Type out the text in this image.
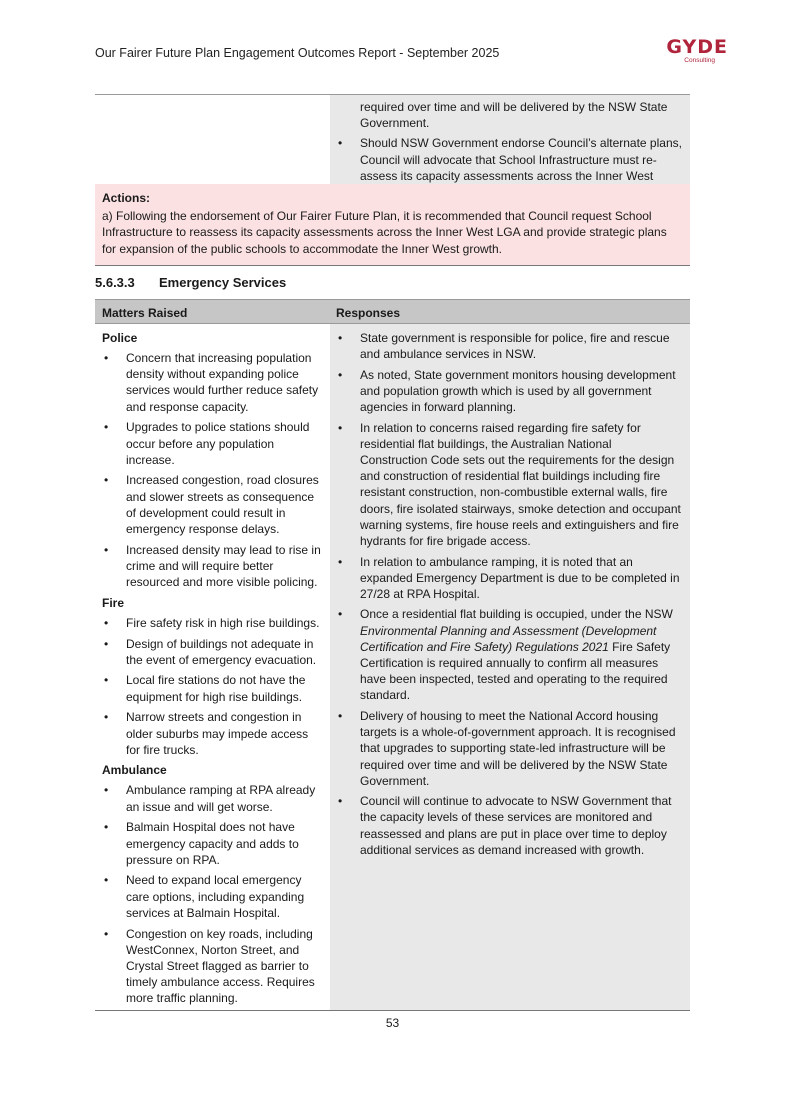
Our Fairer Future Plan Engagement Outcomes Report - September 2025	GYDE
Consulting
required over time and will be delivered by the NSW State Government.
• Should NSW Government endorse Council’s alternate plans, Council will advocate that School Infrastructure must re-assess its capacity assessments across the Inner West
Actions:
a) Following the endorsement of Our Fairer Future Plan, it is recommended that Council request School Infrastructure to reassess its capacity assessments across the Inner West LGA and provide strategic plans for expansion of the public schools to accommodate the Inner West growth.
5.6.3.3 Emergency Services
Matters Raised	Responses
Police
• Concern that increasing population density without expanding police services would further reduce safety and response capacity.
• Upgrades to police stations should occur before any population increase.
• Increased congestion, road closures and slower streets as consequence of development could result in emergency response delays.
• Increased density may lead to rise in crime and will require better resourced and more visible policing.
Fire
• Fire safety risk in high rise buildings.
• Design of buildings not adequate in the event of emergency evacuation.
• Local fire stations do not have the equipment for high rise buildings.
• Narrow streets and congestion in older suburbs may impede access for fire trucks.
Ambulance
• Ambulance ramping at RPA already an issue and will get worse.
• Balmain Hospital does not have emergency capacity and adds to pressure on RPA.
• Need to expand local emergency care options, including expanding services at Balmain Hospital.
• Congestion on key roads, including WestConnex, Norton Street, and Crystal Street flagged as barrier to timely ambulance access. Requires more traffic planning.
• State government is responsible for police, fire and rescue and ambulance services in NSW.
• As noted, State government monitors housing development and population growth which is used by all government agencies in forward planning.
• In relation to concerns raised regarding fire safety for residential flat buildings, the Australian National Construction Code sets out the requirements for the design and construction of residential flat buildings including fire resistant construction, non-combustible external walls, fire doors, fire isolated stairways, smoke detection and occupant warning systems, fire house reels and extinguishers and fire hydrants for fire brigade access.
• In relation to ambulance ramping, it is noted that an expanded Emergency Department is due to be completed in 27/28 at RPA Hospital.
• Once a residential flat building is occupied, under the NSW Environmental Planning and Assessment (Development Certification and Fire Safety) Regulations 2021 Fire Safety Certification is required annually to confirm all measures have been inspected, tested and operating to the required standard.
• Delivery of housing to meet the National Accord housing targets is a whole-of-government approach. It is recognised that upgrades to supporting state-led infrastructure will be required over time and will be delivered by the NSW State Government.
• Council will continue to advocate to NSW Government that the capacity levels of these services are monitored and reassessed and plans are put in place over time to deploy additional services as demand increased with growth.
53
